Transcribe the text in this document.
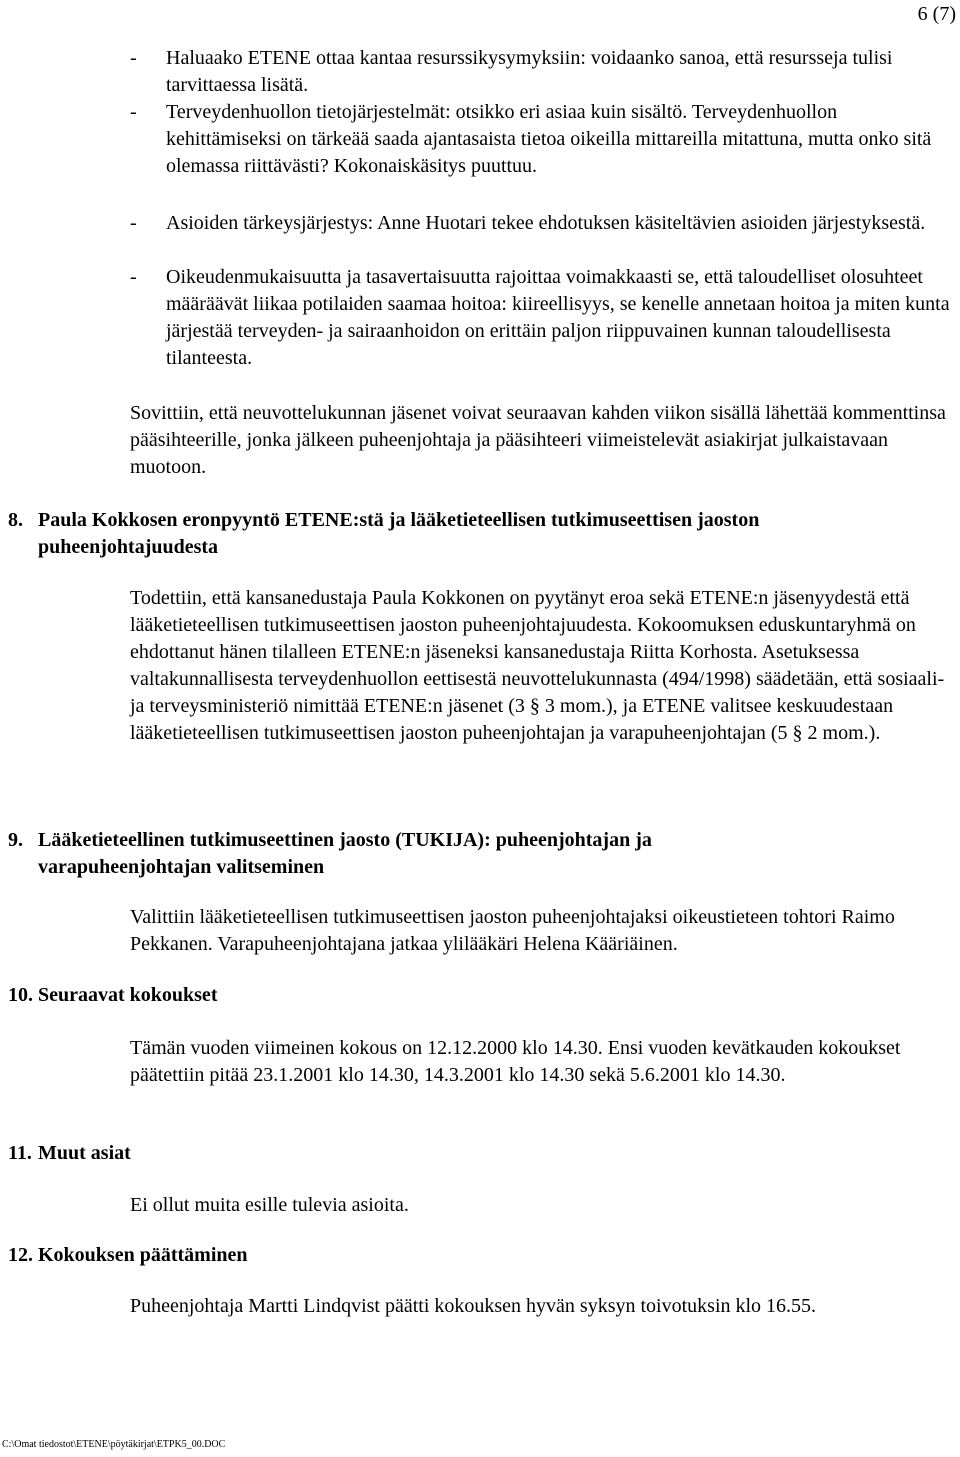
6 (7)
- Haluaako ETENE ottaa kantaa resurssikysymyksiin: voidaanko sanoa, että resursseja tulisi tarvittaessa lisätä.

- Terveydenhuollon tietojärjestelmät: otsikko eri asiaa kuin sisältö. Terveydenhuollon kehittämiseksi on tärkeää saada ajantasaista tietoa oikeilla mittareilla mitattuna, mutta onko sitä olemassa riittävästi? Kokonaiskäsitys puuttuu.

- Asioiden tärkeysjärjestys: Anne Huotari tekee ehdotuksen käsiteltävien asioiden järjestyksestä.

- Oikeudenmukaisuutta ja tasavertaisuutta rajoittaa voimakkaasti se, että taloudelliset olosuhteet määräävät liikaa potilaiden saamaa hoitoa: kiireellisyys, se kenelle annetaan hoitoa ja miten kunta järjestää terveyden- ja sairaanhoidon on erittäin paljon riippuvainen kunnan taloudellisesta tilanteesta.

Sovittiin, että neuvottelukunnan jäsenet voivat seuraavan kahden viikon sisällä lähettää kommenttinsa pääsihteerille, jonka jälkeen puheenjohtaja ja pääsihteeri viimeistelevät asiakirjat julkaistavaan muotoon.

8. Paula Kokkosen eronpyyntö ETENE:stä ja lääketieteellisen tutkimuseettisen jaoston puheenjohtajuudesta

Todettiin, että kansanedustaja Paula Kokkonen on pyytänyt eroa sekä ETENE:n jäsenyydestä että lääketieteellisen tutkimuseettisen jaoston puheenjohtajuudesta. Kokoomuksen eduskuntaryhmä on ehdottanut hänen tilalleen ETENE:n jäseneksi kansanedustaja Riitta Korhosta. Asetuksessa valtakunnallisesta terveydenhuollon eettisestä neuvottelukunnasta (494/1998) säädetään, että sosiaali- ja terveysministeriö nimittää ETENE:n jäsenet (3 § 3 mom.), ja ETENE valitsee keskuudestaan lääketieteellisen tutkimuseettisen jaoston puheenjohtajan ja varapuheenjohtajan (5 § 2 mom.).

9. Lääketieteellinen tutkimuseettinen jaosto (TUKIJA): puheenjohtajan ja varapuheenjohtajan valitseminen

Valittiin lääketieteellisen tutkimuseettisen jaoston puheenjohtajaksi oikeustieteen tohtori Raimo Pekkanen. Varapuheenjohtajana jatkaa ylilääkäri Helena Kääriäinen.

10. Seuraavat kokoukset

Tämän vuoden viimeinen kokous on 12.12.2000 klo 14.30. Ensi vuoden kevätkauden kokoukset päätettiin pitää 23.1.2001 klo 14.30, 14.3.2001 klo 14.30 sekä 5.6.2001 klo 14.30.

11. Muut asiat

Ei ollut muita esille tulevia asioita.

12. Kokouksen päättäminen

Puheenjohtaja Martti Lindqvist päätti kokouksen hyvän syksyn toivotuksin klo 16.55.

C:\Omat tiedostot\ETENE\pöytäkirjat\ETPK5_00.DOC
